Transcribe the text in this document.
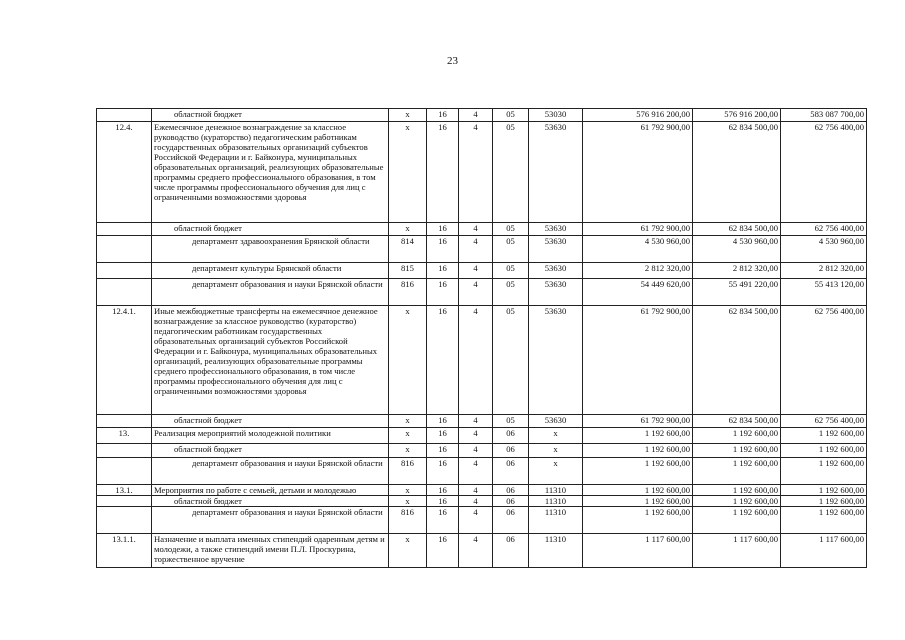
23
	областной бюджет	x	16	4	05	53030	576 916 200,00	576 916 200,00	583 087 700,00
12.4.	Ежемесячное денежное вознаграждение за классное руководство (кураторство) педагогическим работникам государственных образовательных организаций субъектов Российской Федерации и г. Байконура, муниципальных образовательных организаций, реализующих образовательные программы среднего профессионального образования, в том числе программы профессионального обучения для лиц с ограниченными возможностями здоровья	x	16	4	05	53630	61 792 900,00	62 834 500,00	62 756 400,00
	областной бюджет	x	16	4	05	53630	61 792 900,00	62 834 500,00	62 756 400,00
	департамент здравоохранения Брянской области	814	16	4	05	53630	4 530 960,00	4 530 960,00	4 530 960,00
	департамент культуры Брянской области	815	16	4	05	53630	2 812 320,00	2 812 320,00	2 812 320,00
	департамент образования и науки Брянской области	816	16	4	05	53630	54 449 620,00	55 491 220,00	55 413 120,00
12.4.1.	Иные межбюджетные трансферты на ежемесячное денежное вознаграждение за классное руководство (кураторство) педагогическим работникам государственных образовательных организаций субъектов Российской Федерации и г. Байконура, муниципальных образовательных организаций, реализующих образовательные программы среднего профессионального образования, в том числе программы профессионального обучения для лиц с ограниченными возможностями здоровья	x	16	4	05	53630	61 792 900,00	62 834 500,00	62 756 400,00
	областной бюджет	x	16	4	05	53630	61 792 900,00	62 834 500,00	62 756 400,00
13.	Реализация мероприятий молодежной политики	x	16	4	06	x	1 192 600,00	1 192 600,00	1 192 600,00
	областной бюджет	x	16	4	06	x	1 192 600,00	1 192 600,00	1 192 600,00
	департамент образования и науки Брянской области	816	16	4	06	x	1 192 600,00	1 192 600,00	1 192 600,00
13.1.	Мероприятия по работе с семьей, детьми и молодежью	x	16	4	06	11310	1 192 600,00	1 192 600,00	1 192 600,00
	областной бюджет	x	16	4	06	11310	1 192 600,00	1 192 600,00	1 192 600,00
	департамент образования и науки Брянской области	816	16	4	06	11310	1 192 600,00	1 192 600,00	1 192 600,00
13.1.1.	Назначение и выплата именных стипендий одаренным детям и молодежи, а также стипендий имени П.Л. Проскурина, торжественное вручение	x	16	4	06	11310	1 117 600,00	1 117 600,00	1 117 600,00
